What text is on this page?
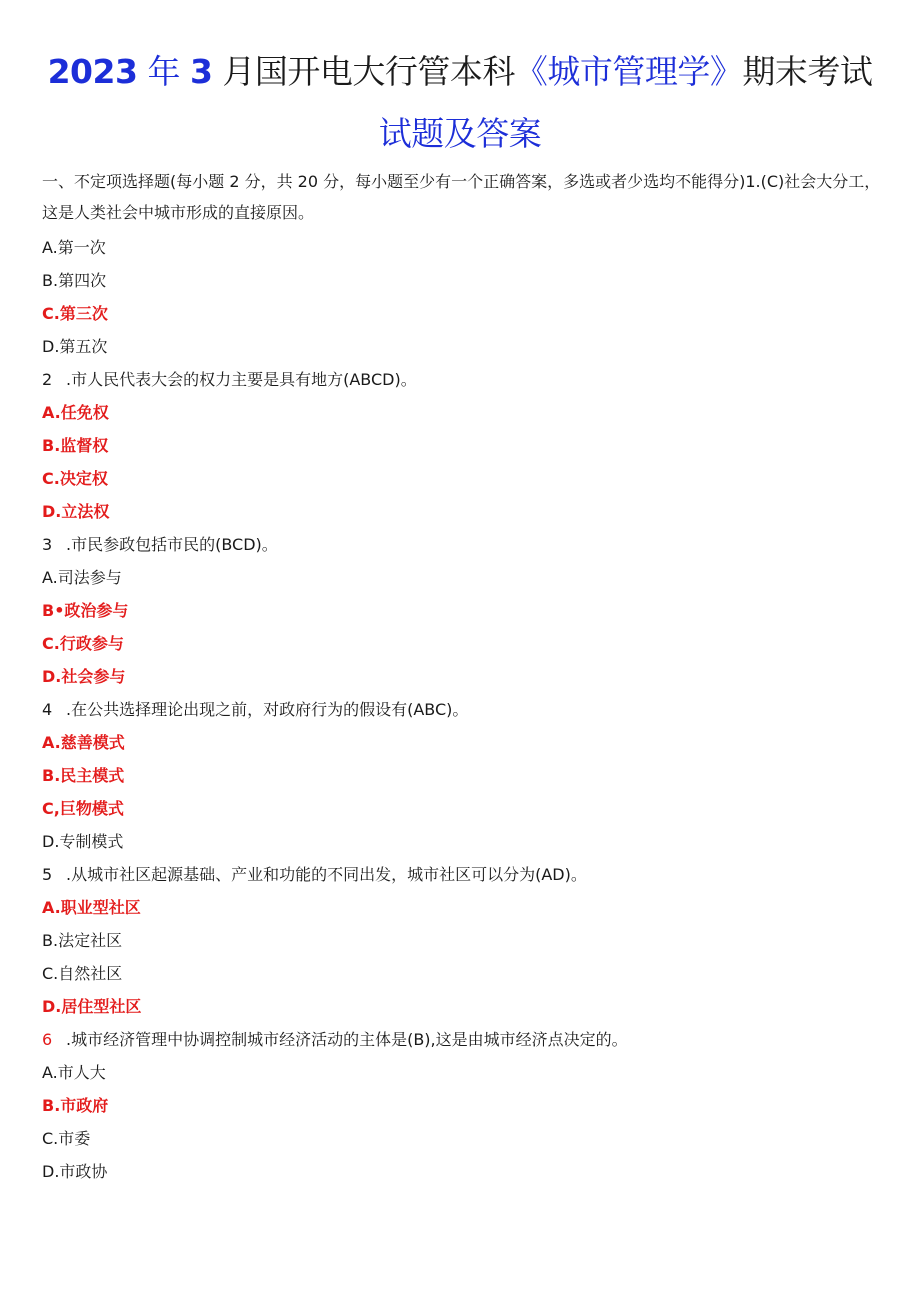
2023 年 3 月国开电大行管本科《城市管理学》期末考试
试题及答案

一、不定项选择题(每小题 2 分，共 20 分，每小题至少有一个正确答案，多选或者少选均不能得分)1.(C)社会大分工，这是人类社会中城市形成的直接原因。

A.第一次
B.第四次
C.第三次
D.第五次
2 .市人民代表大会的权力主要是具有地方(ABCD)。
A.任免权
B.监督权
C.决定权
D.立法权
3 .市民参政包括市民的(BCD)。
A.司法参与
B•政治参与
C.行政参与
D.社会参与
4 .在公共选择理论出现之前，对政府行为的假设有(ABC)。
A.慈善模式
B.民主模式
C,巨物模式
D.专制模式
5 .从城市社区起源基础、产业和功能的不同出发，城市社区可以分为(AD)。
A.职业型社区
B.法定社区
C.自然社区
D.居住型社区
6 .城市经济管理中协调控制城市经济活动的主体是(B),这是由城市经济点决定的。
A.市人大
B.市政府
C.市委
D.市政协
